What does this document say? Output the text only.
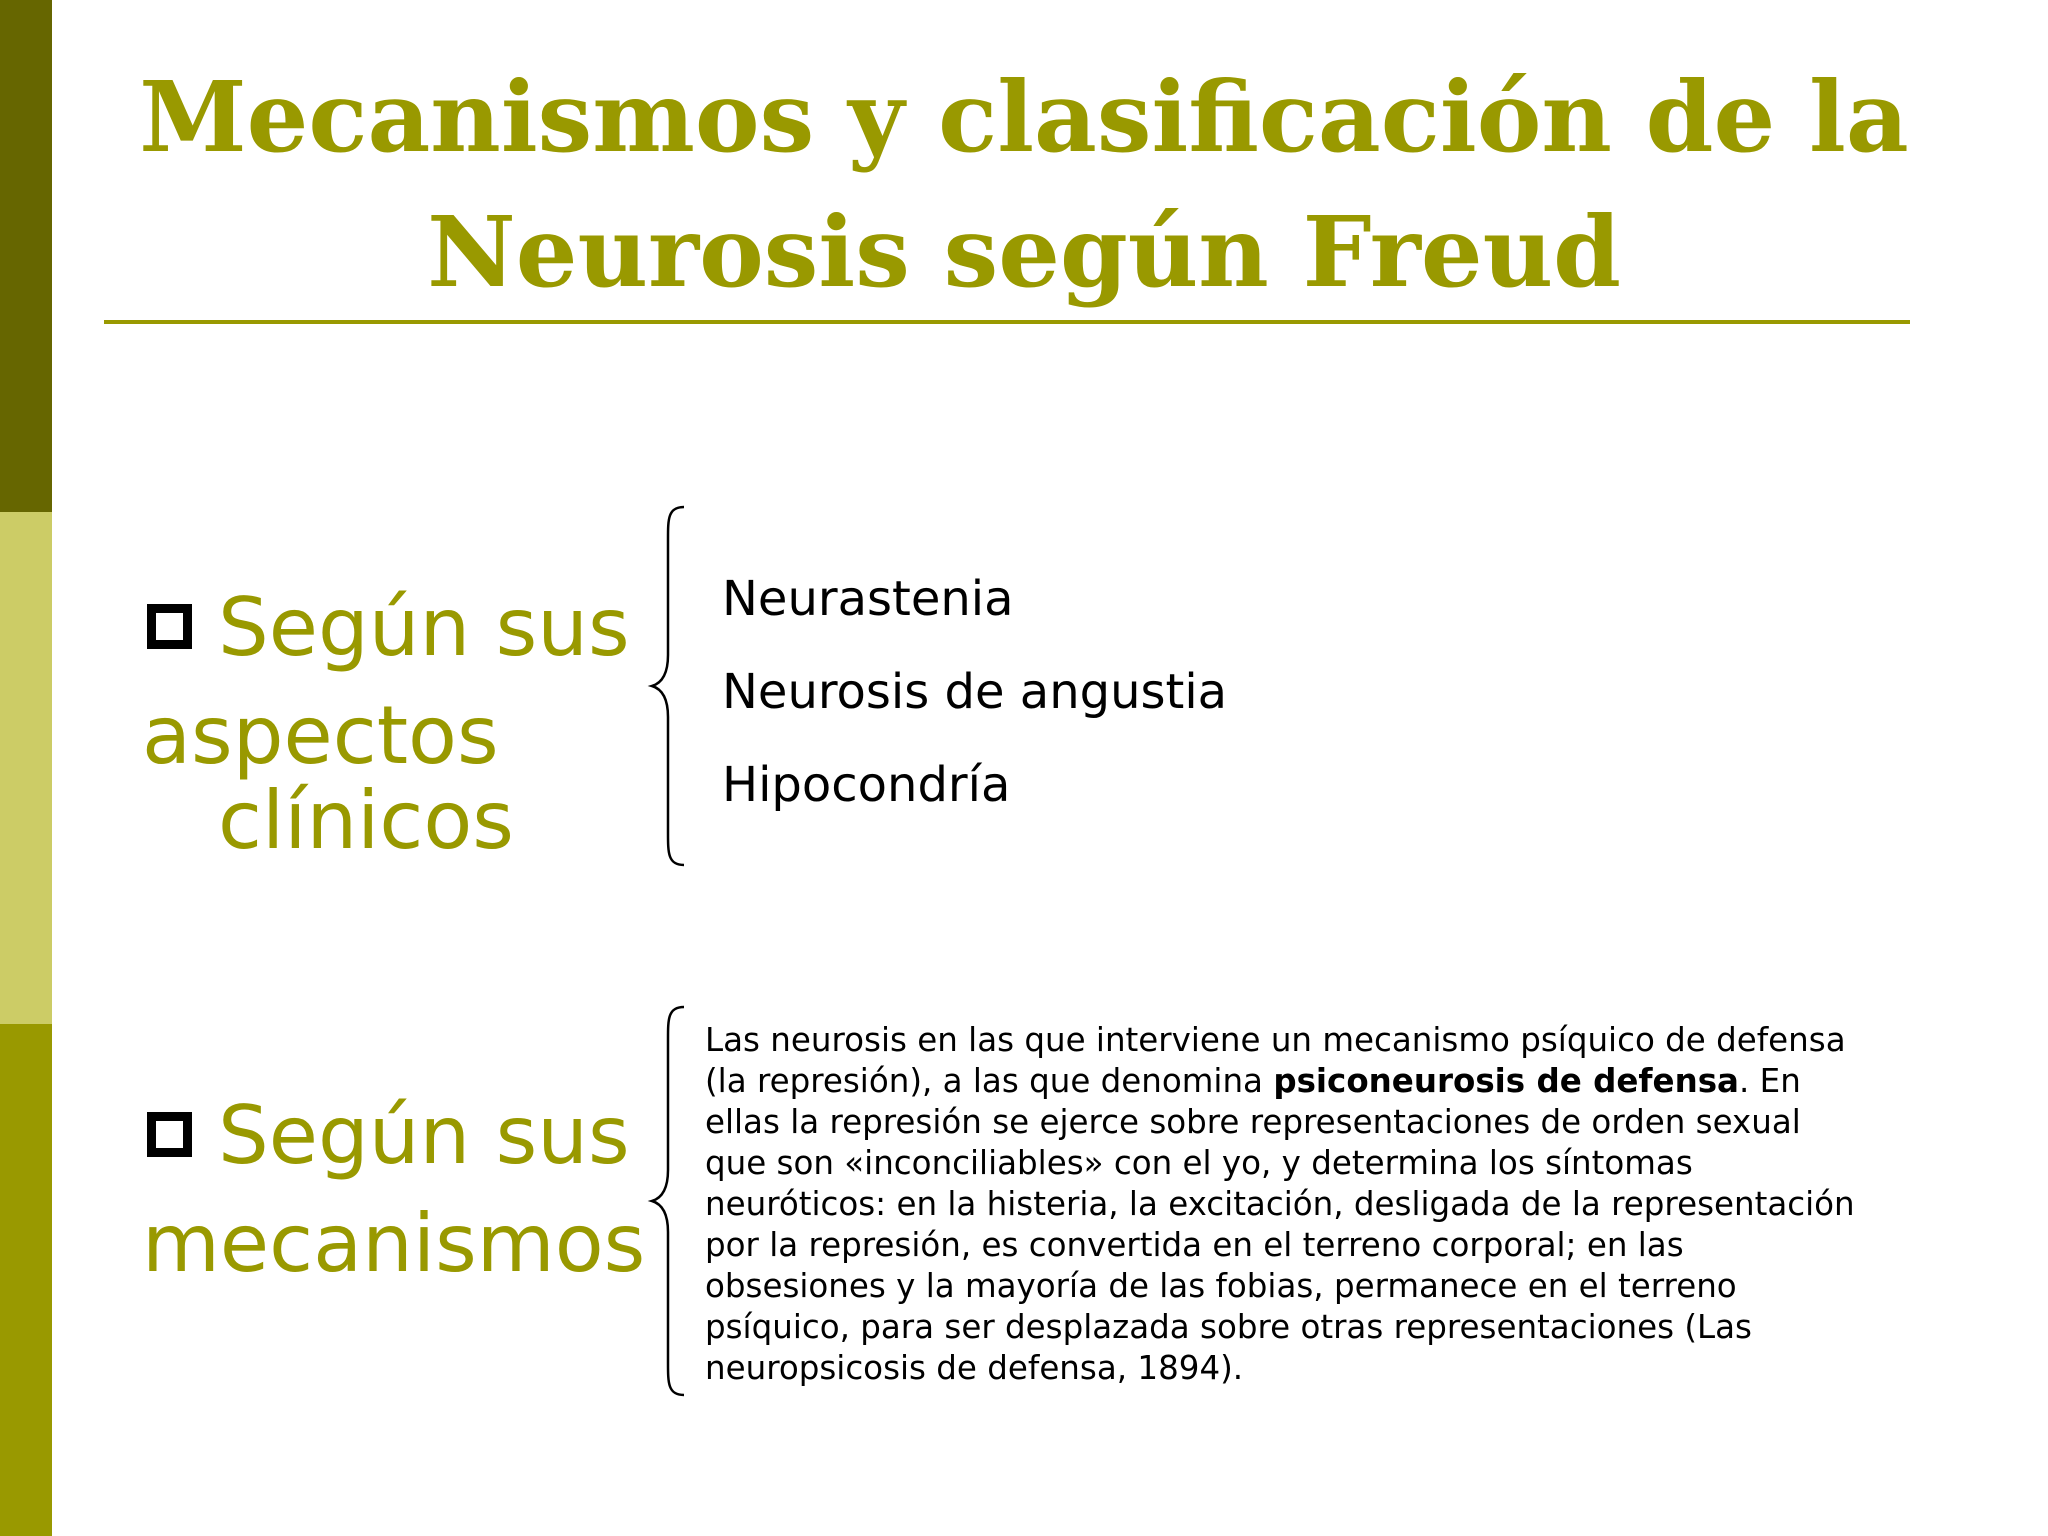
Mecanismos y clasificación de la
Neurosis según Freud
Según sus
aspectos
clínicos
Neurastenia
Neurosis de angustia
Hipocondría
Según sus
mecanismos

Las neurosis en las que interviene un mecanismo psíquico de defensa (la represión), a las que denomina psiconeurosis de defensa. En ellas la represión se ejerce sobre representaciones de orden sexual que son «inconciliables» con el yo, y determina los síntomas neuróticos: en la histeria, la excitación, desligada de la representación por la represión, es convertida en el terreno corporal; en las obsesiones y la mayoría de las fobias, permanece en el terreno psíquico, para ser desplazada sobre otras representaciones (Las neuropsicosis de defensa, 1894).
